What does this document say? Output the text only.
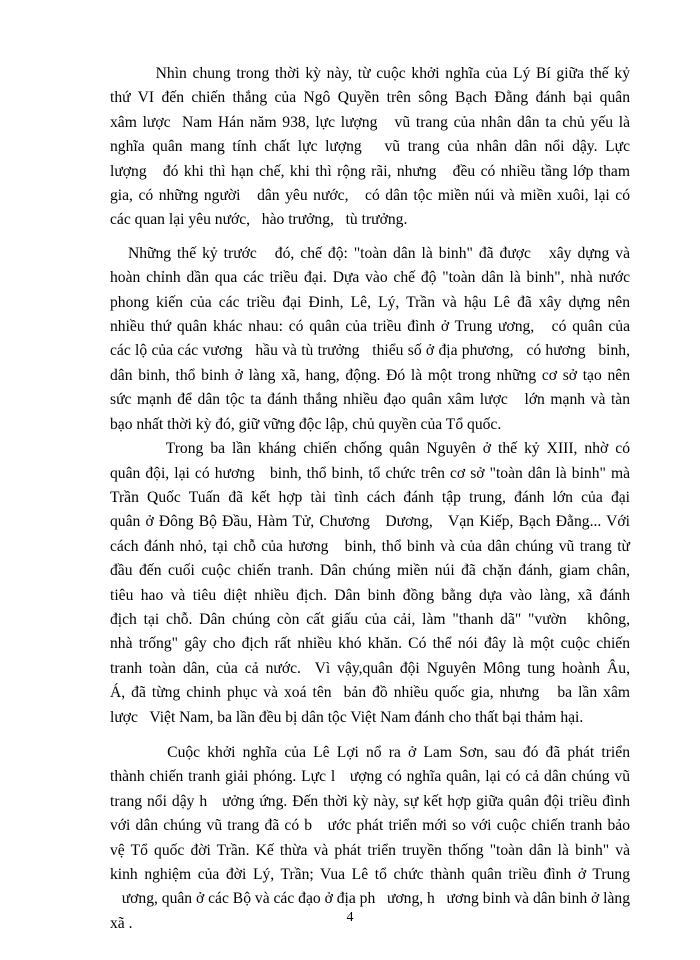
Nhìn chung trong thời kỳ này, từ cuộc khởi nghĩa của Lý Bí giữa thế kỷ
thứ VI đến chiến thắng của Ngô Quyền trên sông Bạch Đằng đánh bại quân
xâm lược  Nam Hán năm 938, lực lượng   vũ trang của nhân dân ta chủ yếu là
nghĩa quân mang tính chất lực lượng   vũ trang của nhân dân nổi dậy. Lực
lượng   đó khi thì hạn chế, khi thì rộng rãi, nhưng   đều có nhiều tầng lớp tham
gia, có những người   dân yêu nước,   có dân tộc miền núi và miền xuôi, lại có
các quan lại yêu nước,   hào trưởng,   tù trưởng.
Những thế kỷ trước   đó, chế độ: "toàn dân là binh" đã được   xây dựng và
hoàn chỉnh dần qua các triều đại. Dựa vào chế độ "toàn dân là binh", nhà nước
phong kiến của các triều đại Đinh, Lê, Lý, Trần và hậu Lê đã xây dựng nên
nhiều thứ quân khác nhau: có quân của triều đình ở Trung ương,   có quân của
các lộ của các vương   hầu và tù trưởng   thiểu số ở địa phương,   có hương   binh,
dân binh, thổ binh ở làng xã, hang, động. Đó là một trong những cơ sở tạo nên
sức mạnh để dân tộc ta đánh thắng nhiều đạo quân xâm lược   lớn mạnh và tàn
bạo nhất thời kỳ đó, giữ vững độc lập, chủ quyền của Tổ quốc.
Trong ba lần kháng chiến chống quân Nguyên ở thế kỷ XIII, nhờ có
quân đội, lại có hương   binh, thổ binh, tổ chức trên cơ sở "toàn dân là binh" mà
Trần Quốc Tuấn đã kết hợp tài tình cách đánh tập trung, đánh lớn của đại
quân ở Đông Bộ Đầu, Hàm Tử, Chương   Dương,   Vạn Kiếp, Bạch Đằng... Với
cách đánh nhỏ, tại chỗ của hương   binh, thổ binh và của dân chúng vũ trang từ
đầu đến cuối cuộc chiến tranh. Dân chúng miền núi đã chặn đánh, giam chân,
tiêu hao và tiêu diệt nhiều địch. Dân binh đồng bằng dựa vào làng, xã đánh
địch tại chỗ. Dân chúng còn cất giấu của cải, làm "thanh dã" "vườn   không,
nhà trống" gây cho địch rất nhiều khó khăn. Có thể nói đây là một cuộc chiến
tranh toàn dân, của cả nước.  Vì vậy,quân đội Nguyên Mông tung hoành Âu,
Á, đã từng chinh phục và xoá tên  bản đồ nhiều quốc gia, nhưng   ba lần xâm
lược   Việt Nam, ba lần đều bị dân tộc Việt Nam đánh cho thất bại thảm hại.
Cuộc khởi nghĩa của Lê Lợi nổ ra ở Lam Sơn, sau đó đã phát triển
thành chiến tranh giải phóng. Lực l   ượng có nghĩa quân, lại có cả dân chúng vũ
trang nổi dậy h   ưởng ứng. Đến thời kỳ này, sự kết hợp giữa quân đội triều đình
với dân chúng vũ trang đã có b   ước phát triển mới so với cuộc chiến tranh bảo
vệ Tổ quốc đời Trần. Kế thừa và phát triển truyền thống "toàn dân là binh" và
kinh nghiệm của đời Lý, Trần; Vua Lê tổ chức thành quân triều đình ở Trung
ương, quân ở các Bộ và các đạo ở địa ph   ương, h   ương binh và dân binh ở làng
xã .	4
